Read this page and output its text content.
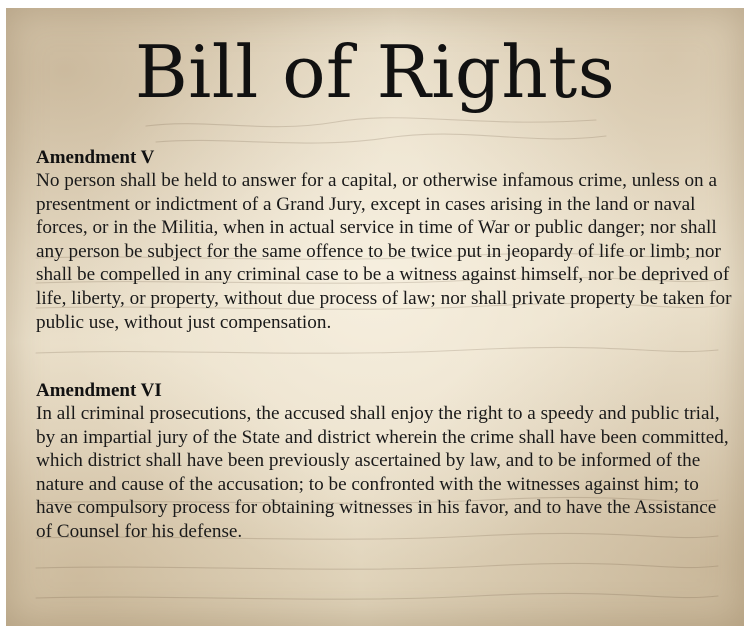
Bill of Rights
Amendment V

No person shall be held to answer for a capital, or otherwise infamous crime, unless on a presentment or indictment of a Grand Jury, except in cases arising in the land or naval forces, or in the Militia, when in actual service in time of War or public danger; nor shall any person be subject for the same offence to be twice put in jeopardy of life or limb; nor shall be compelled in any criminal case to be a witness against himself, nor be deprived of life, liberty, or property, without due process of law; nor shall private property be taken for public use, without just compensation.

Amendment VI

In all criminal prosecutions, the accused shall enjoy the right to a speedy and public trial, by an impartial jury of the State and district wherein the crime shall have been committed, which district shall have been previously ascertained by law, and to be informed of the nature and cause of the accusation; to be confronted with the witnesses against him; to have compulsory process for obtaining witnesses in his favor, and to have the Assistance of Counsel for his defense.
